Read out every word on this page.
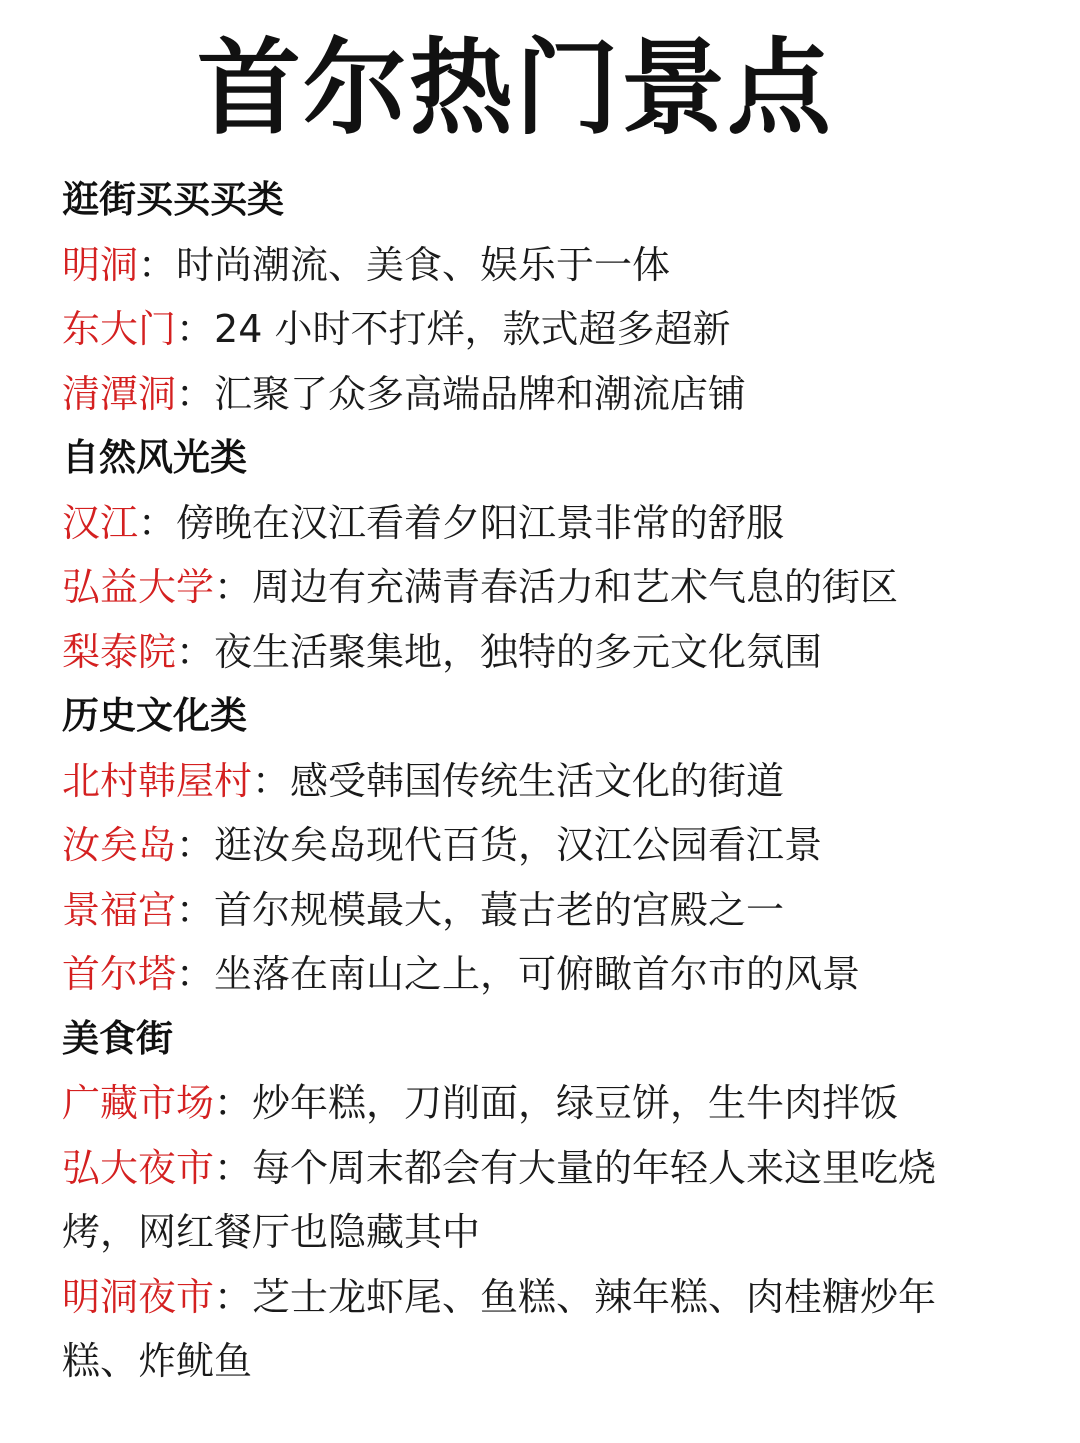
首尔热门景点
逛街买买买类
明洞：时尚潮流、美食、娱乐于一体
东大门：24 小时不打烊，款式超多超新
清潭洞：汇聚了众多高端品牌和潮流店铺
自然风光类
汉江：傍晚在汉江看着夕阳江景非常的舒服
弘益大学：周边有充满青春活力和艺术气息的街区
梨泰院：夜生活聚集地，独特的多元文化氛围
历史文化类
北村韩屋村：感受韩国传统生活文化的街道
汝矣岛：逛汝矣岛现代百货，汉江公园看江景
景福宫：首尔规模最大，蕞古老的宫殿之一
首尔塔：坐落在南山之上，可俯瞰首尔市的风景
美食街
广藏市场：炒年糕，刀削面，绿豆饼，生牛肉拌饭
弘大夜市：每个周末都会有大量的年轻人来这里吃烧烤，网红餐厅也隐藏其中
明洞夜市：芝士龙虾尾、鱼糕、辣年糕、肉桂糖炒年糕、炸鱿鱼
